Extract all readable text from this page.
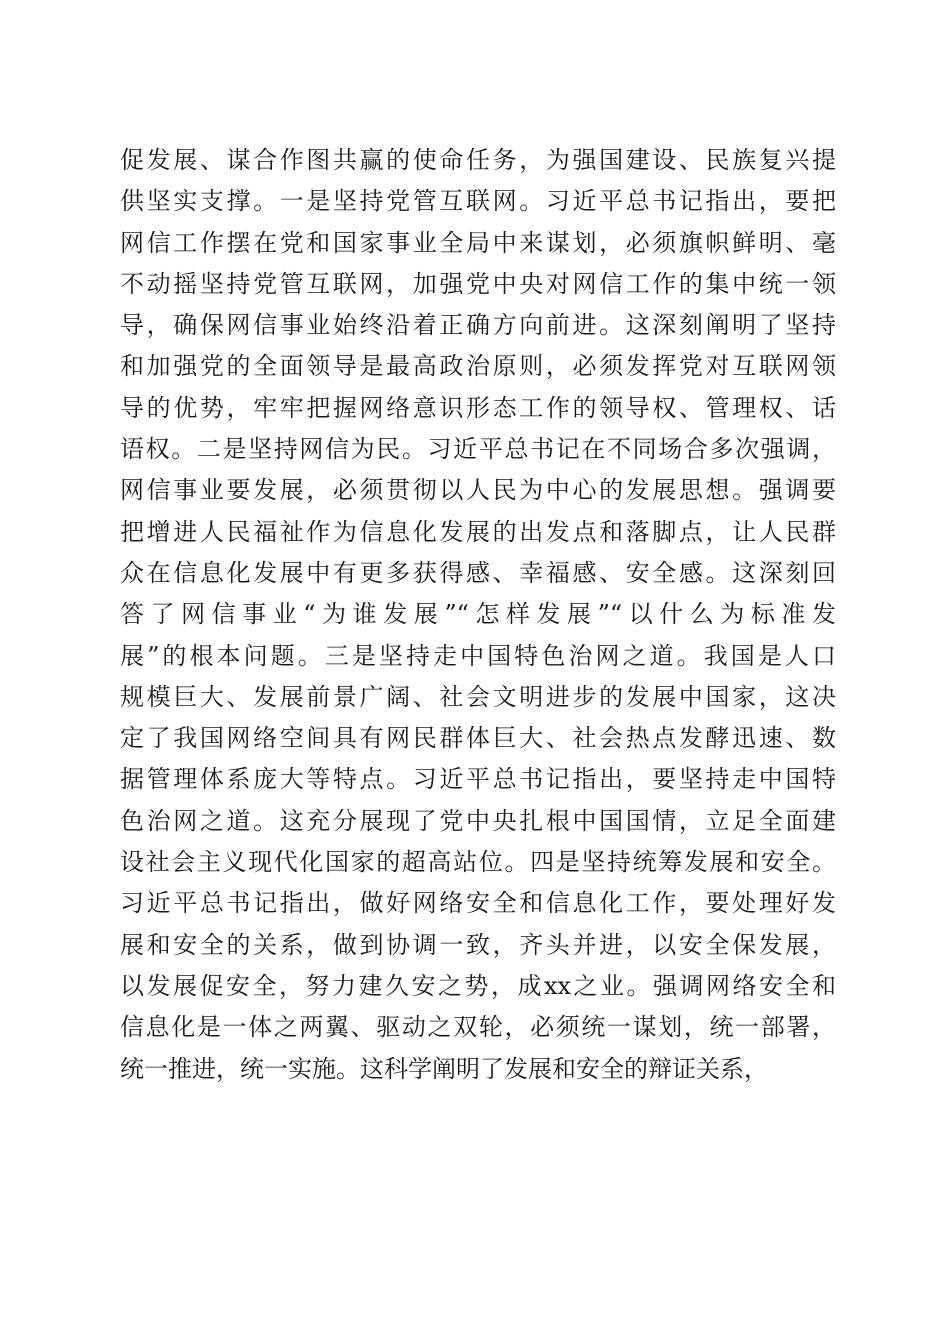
促发展、谋合作图共赢的使命任务，为强国建设、民族复兴提
供坚实支撑。一是坚持党管互联网。习近平总书记指出，要把
网信工作摆在党和国家事业全局中来谋划，必须旗帜鲜明、毫
不动摇坚持党管互联网，加强党中央对网信工作的集中统一领
导，确保网信事业始终沿着正确方向前进。这深刻阐明了坚持
和加强党的全面领导是最高政治原则，必须发挥党对互联网领
导的优势，牢牢把握网络意识形态工作的领导权、管理权、话
语权。二是坚持网信为民。习近平总书记在不同场合多次强调，
网信事业要发展，必须贯彻以人民为中心的发展思想。强调要
把增进人民福祉作为信息化发展的出发点和落脚点，让人民群
众在信息化发展中有更多获得感、幸福感、安全感。这深刻回
答了网信事业“为谁发展”“怎样发展”“以什么为标准发
展”的根本问题。三是坚持走中国特色治网之道。我国是人口
规模巨大、发展前景广阔、社会文明进步的发展中国家，这决
定了我国网络空间具有网民群体巨大、社会热点发酵迅速、数
据管理体系庞大等特点。习近平总书记指出，要坚持走中国特
色治网之道。这充分展现了党中央扎根中国国情，立足全面建
设社会主义现代化国家的超高站位。四是坚持统筹发展和安全。
习近平总书记指出，做好网络安全和信息化工作，要处理好发
展和安全的关系，做到协调一致，齐头并进，以安全保发展，
以发展促安全，努力建久安之势，成xx之业。强调网络安全和
信息化是一体之两翼、驱动之双轮，必须统一谋划，统一部署，
统一推进，统一实施。这科学阐明了发展和安全的辩证关系，
